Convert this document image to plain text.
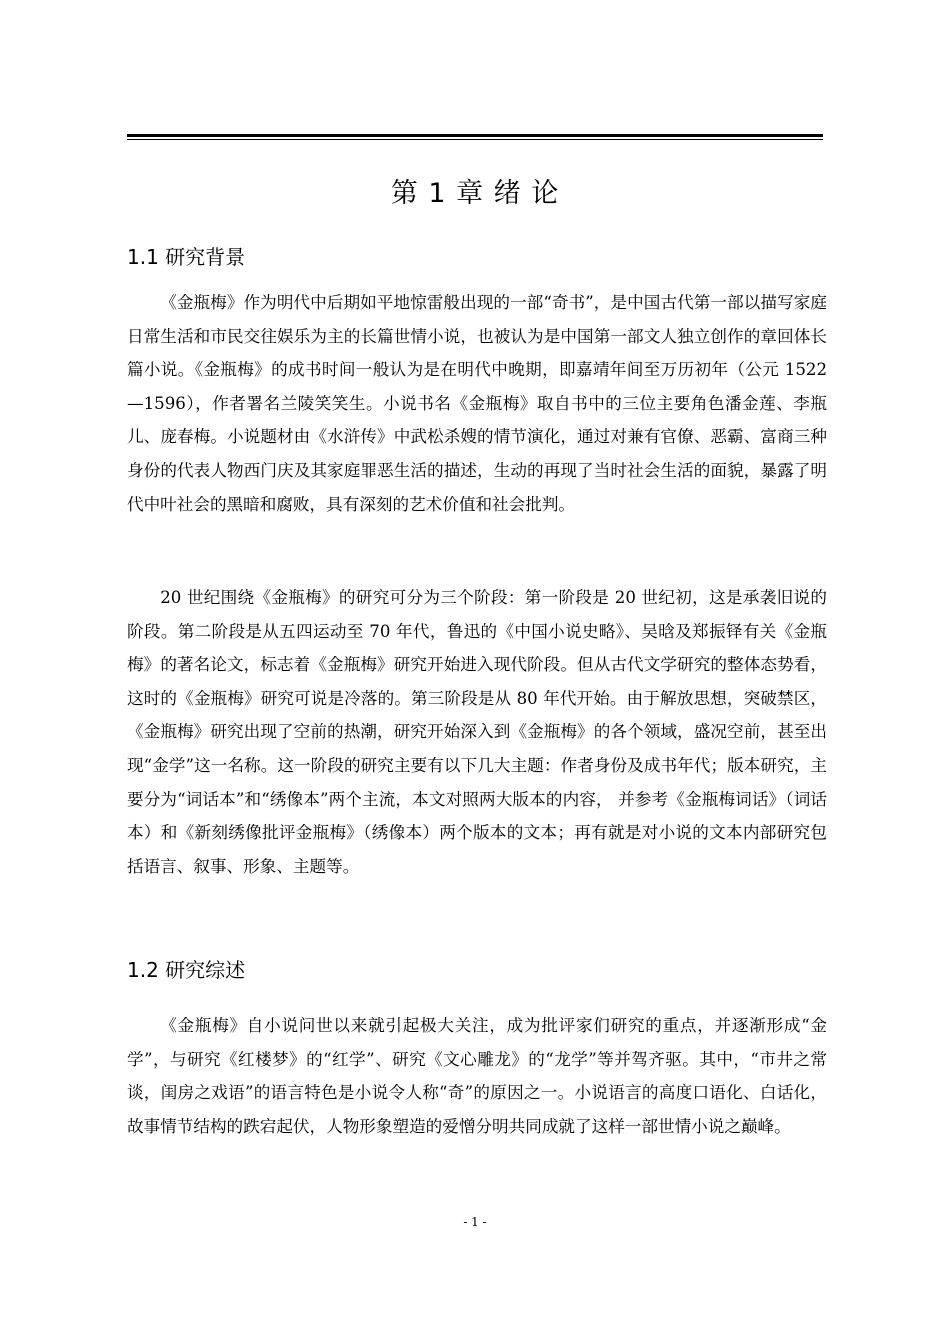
第 1 章 绪 论
1.1 研究背景

《金瓶梅》作为明代中后期如平地惊雷般出现的一部“奇书”，是中国古代第一部以描写家庭日常生活和市民交往娱乐为主的长篇世情小说，也被认为是中国第一部文人独立创作的章回体长篇小说。《金瓶梅》的成书时间一般认为是在明代中晚期，即嘉靖年间至万历初年（公元 1522—1596），作者署名兰陵笑笑生。小说书名《金瓶梅》取自书中的三位主要角色潘金莲、李瓶儿、庞春梅。小说题材由《水浒传》中武松杀嫂的情节演化，通过对兼有官僚、恶霸、富商三种身份的代表人物西门庆及其家庭罪恶生活的描述，生动的再现了当时社会生活的面貌，暴露了明代中叶社会的黑暗和腐败，具有深刻的艺术价值和社会批判。

20 世纪围绕《金瓶梅》的研究可分为三个阶段：第一阶段是 20 世纪初，这是承袭旧说的阶段。第二阶段是从五四运动至 70 年代，鲁迅的《中国小说史略》、吴晗及郑振铎有关《金瓶梅》的著名论文，标志着《金瓶梅》研究开始进入现代阶段。但从古代文学研究的整体态势看，这时的《金瓶梅》研究可说是冷落的。第三阶段是从 80 年代开始。由于解放思想，突破禁区，《金瓶梅》研究出现了空前的热潮，研究开始深入到《金瓶梅》的各个领域，盛况空前，甚至出现“金学”这一名称。这一阶段的研究主要有以下几大主题：作者身份及成书年代；版本研究，主要分为“词话本”和“绣像本”两个主流，本文对照两大版本的内容， 并参考《金瓶梅词话》（词话本）和《新刻绣像批评金瓶梅》（绣像本）两个版本的文本；再有就是对小说的文本内部研究包括语言、叙事、形象、主题等。

1.2 研究综述

《金瓶梅》自小说问世以来就引起极大关注，成为批评家们研究的重点，并逐渐形成“金学”，与研究《红楼梦》的“红学”、研究《文心雕龙》的“龙学”等并驾齐驱。其中，“市井之常谈，闺房之戏语”的语言特色是小说令人称“奇”的原因之一。小说语言的高度口语化、白话化，故事情节结构的跌宕起伏，人物形象塑造的爱憎分明共同成就了这样一部世情小说之巅峰。

- 1 -
